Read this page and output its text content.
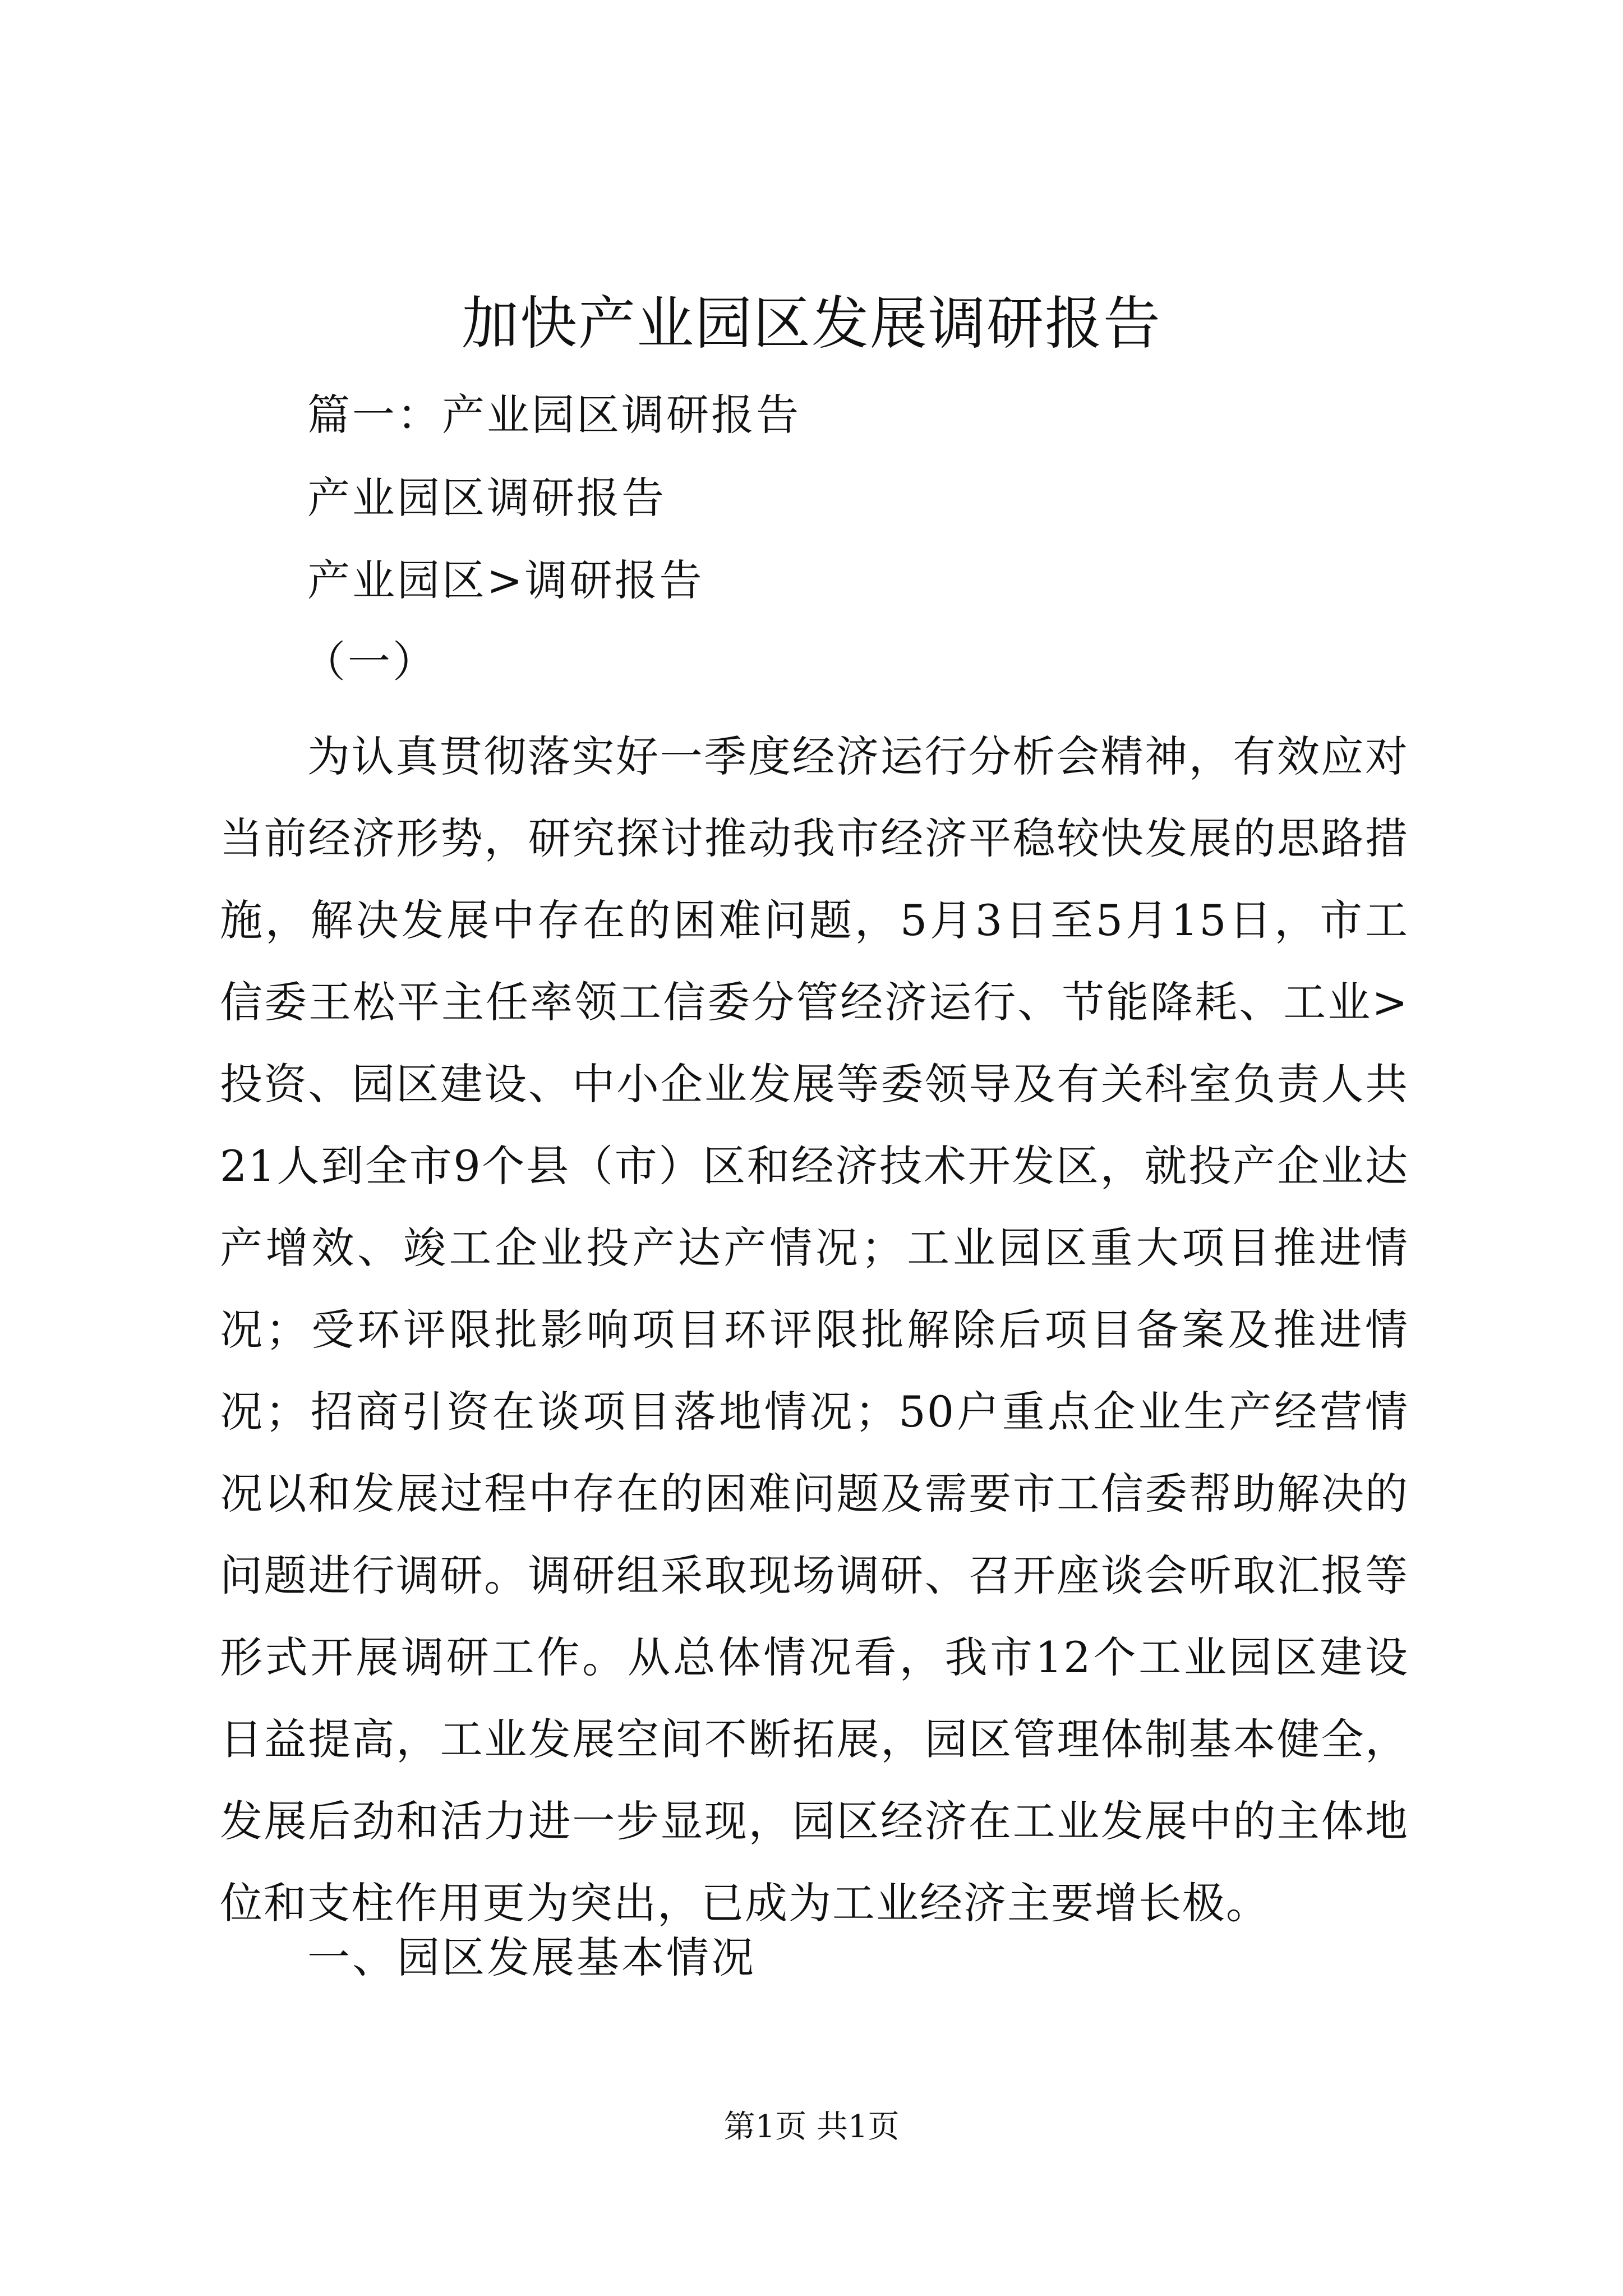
加快产业园区发展调研报告

篇一：产业园区调研报告

产业园区调研报告

产业园区>调研报告

（一）

为认真贯彻落实好一季度经济运行分析会精神，有效应对当前经济形势，研究探讨推动我市经济平稳较快发展的思路措施，解决发展中存在的困难问题，5月3日至5月15日，市工信委王松平主任率领工信委分管经济运行、节能降耗、工业>投资、园区建设、中小企业发展等委领导及有关科室负责人共21人到全市9个县（市）区和经济技术开发区，就投产企业达产增效、竣工企业投产达产情况；工业园区重大项目推进情况；受环评限批影响项目环评限批解除后项目备案及推进情况；招商引资在谈项目落地情况；50户重点企业生产经营情况以和发展过程中存在的困难问题及需要市工信委帮助解决的问题进行调研。调研组采取现场调研、召开座谈会听取汇报等形式开展调研工作。从总体情况看，我市12个工业园区建设日益提高，工业发展空间不断拓展，园区管理体制基本健全，发展后劲和活力进一步显现，园区经济在工业发展中的主体地位和支柱作用更为突出，已成为工业经济主要增长极。

一、园区发展基本情况

第1页 共1页
